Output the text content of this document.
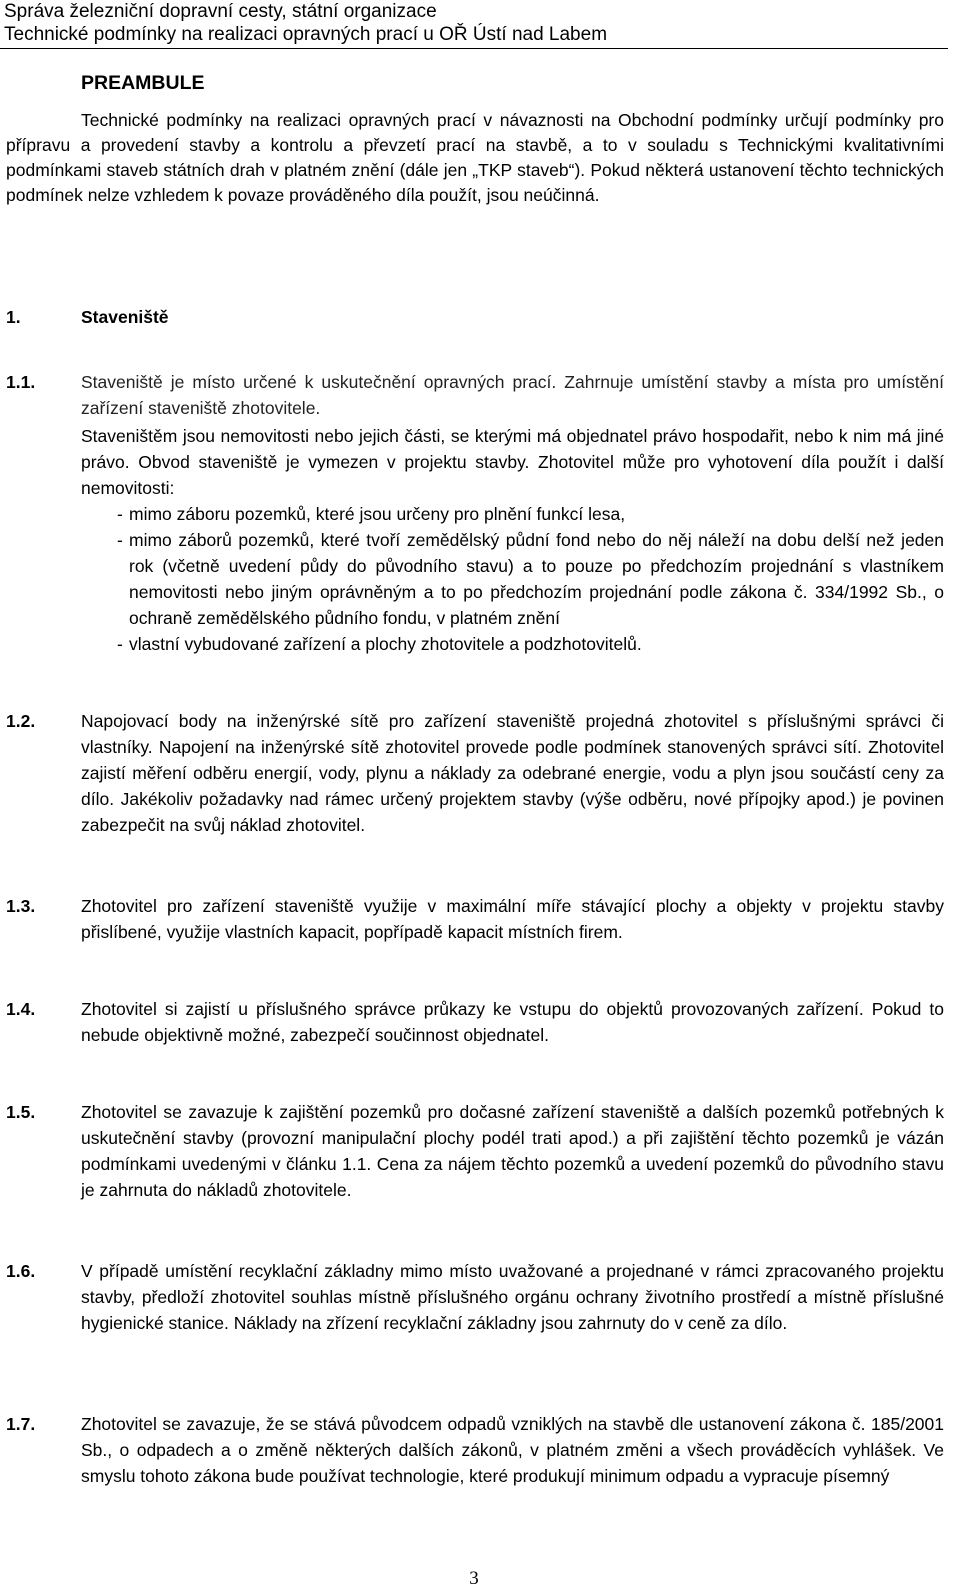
Správa železniční dopravní cesty, státní organizace

Technické podmínky na realizaci opravných prací u OŘ Ústí nad Labem

PREAMBULE

Technické podmínky na realizaci opravných prací v návaznosti na Obchodní podmínky určují podmínky pro přípravu a provedení stavby a kontrolu a převzetí prací na stavbě, a to v souladu s Technickými kvalitativními podmínkami staveb státních drah v platném znění (dále jen „TKP staveb“). Pokud některá ustanovení těchto technických podmínek nelze vzhledem k povaze prováděného díla použít, jsou neúčinná.

1.	Staveniště
1.1.	Staveniště je místo určené k uskutečnění opravných prací. Zahrnuje umístění stavby a místa pro umístění zařízení staveniště zhotovitele.

Staveništěm jsou nemovitosti nebo jejich části, se kterými má objednatel právo hospodařit, nebo k nim má jiné právo. Obvod staveniště je vymezen v projektu stavby. Zhotovitel může pro vyhotovení díla použít i další nemovitosti:

- mimo záboru pozemků, které jsou určeny pro plnění funkcí lesa,
- mimo záborů pozemků, které tvoří zemědělský půdní fond nebo do něj náleží na dobu delší než jeden rok (včetně uvedení půdy do původního stavu) a to pouze po předchozím projednání s vlastníkem nemovitosti nebo jiným oprávněným a to po předchozím projednání podle zákona č. 334/1992 Sb., o ochraně zemědělského půdního fondu, v platném znění
- vlastní vybudované zařízení a plochy zhotovitele a podzhotovitelů.
1.2.	Napojovací body na inženýrské sítě pro zařízení staveniště projedná zhotovitel s příslušnými správci či vlastníky. Napojení na inženýrské sítě zhotovitel provede podle podmínek stanovených správci sítí. Zhotovitel zajistí měření odběru energií, vody, plynu a náklady za odebrané energie, vodu a plyn jsou součástí ceny za dílo. Jakékoliv požadavky nad rámec určený projektem stavby (výše odběru, nové přípojky apod.) je povinen zabezpečit na svůj náklad zhotovitel.

1.3.	Zhotovitel pro zařízení staveniště využije v maximální míře stávající plochy a objekty v projektu stavby přislíbené, využije vlastních kapacit, popřípadě kapacit místních firem.

1.4.	Zhotovitel si zajistí u příslušného správce průkazy ke vstupu do objektů provozovaných zařízení. Pokud to nebude objektivně možné, zabezpečí součinnost objednatel.

1.5.	Zhotovitel se zavazuje k zajištění pozemků pro dočasné zařízení staveniště a dalších pozemků potřebných k uskutečnění stavby (provozní manipulační plochy podél trati apod.) a při zajištění těchto pozemků je vázán podmínkami uvedenými v článku 1.1. Cena za nájem těchto pozemků a uvedení pozemků do původního stavu je zahrnuta do nákladů zhotovitele.

1.6.	V případě umístění recyklační základny mimo místo uvažované a projednané v rámci zpracovaného projektu stavby, předloží zhotovitel souhlas místně příslušného orgánu ochrany životního prostředí a místně příslušné hygienické stanice. Náklady na zřízení recyklační základny jsou zahrnuty do v ceně za dílo.

1.7.	Zhotovitel se zavazuje, že se stává původcem odpadů vzniklých na stavbě dle ustanovení zákona č. 185/2001 Sb., o odpadech a o změně některých dalších zákonů, v platném změni a všech prováděcích vyhlášek. Ve smyslu tohoto zákona bude používat technologie, které produkují minimum odpadu a vypracuje písemný

3
